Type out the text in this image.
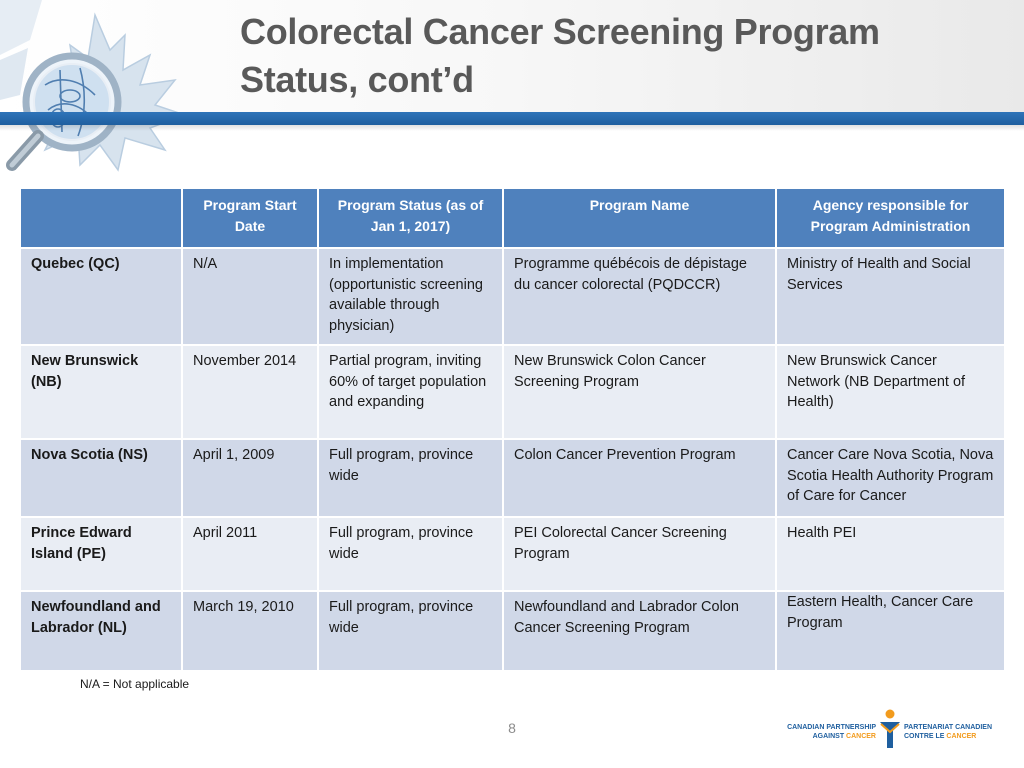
Colorectal Cancer Screening Program
Status, cont’d
	Program Start Date	Program Status (as of Jan 1, 2017)	Program Name	Agency responsible for Program Administration
Quebec (QC)	N/A	In implementation (opportunistic screening available through physician)	Programme québécois de dépistage du cancer colorectal (PQDCCR)	Ministry of Health and Social Services
New Brunswick (NB)	November 2014	Partial program, inviting 60% of target population and expanding	New Brunswick Colon Cancer Screening Program	New Brunswick Cancer Network (NB Department of Health)
Nova Scotia (NS)	April 1, 2009	Full program, province wide	Colon Cancer Prevention Program	Cancer Care Nova Scotia, Nova Scotia Health Authority Program of Care for Cancer
Prince Edward Island (PE)	April 2011	Full program, province wide	PEI Colorectal Cancer Screening Program	Health PEI
Newfoundland and Labrador (NL)	March 19, 2010	Full program, province wide	Newfoundland and Labrador Colon Cancer Screening Program	Eastern Health, Cancer Care Program
N/A = Not applicable
8	CANADIAN PARTNERSHIP
AGAINST CANCER
PARTENARIAT CANADIEN
CONTRE LE CANCER
